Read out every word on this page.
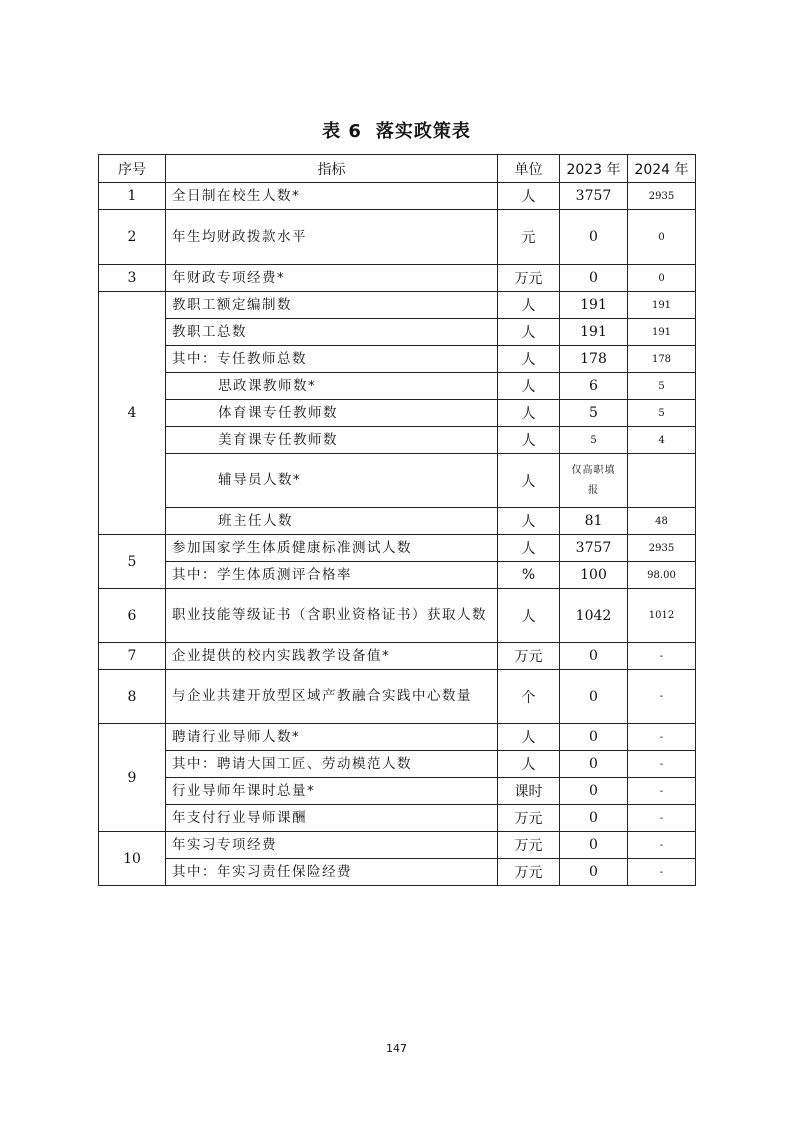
表 6 落实政策表
序号	指标	单位	2023 年	2024 年
1	全日制在校生人数*	人	3757	2935
2	年生均财政拨款水平	元	0	0
3	年财政专项经费*	万元	0	0
4	教职工额定编制数	人	191	191
	教职工总数	人	191	191
	其中：专任教师总数	人	178	178
	思政课教师数*	人	6	5
	体育课专任教师数	人	5	5
	美育课专任教师数	人	5	4
	辅导员人数*	人	仅高职填报	
	班主任人数	人	81	48
5	参加国家学生体质健康标准测试人数	人	3757	2935
	其中：学生体质测评合格率	%	100	98.00
6	职业技能等级证书（含职业资格证书）获取人数	人	1042	1012
7	企业提供的校内实践教学设备值*	万元	0	-
8	与企业共建开放型区域产教融合实践中心数量	个	0	-
9	聘请行业导师人数*	人	0	-
	其中：聘请大国工匠、劳动模范人数	人	0	-
	行业导师年课时总量*	课时	0	-
	年支付行业导师课酬	万元	0	-
10	年实习专项经费	万元	0	-
	其中：年实习责任保险经费	万元	0	-
147
